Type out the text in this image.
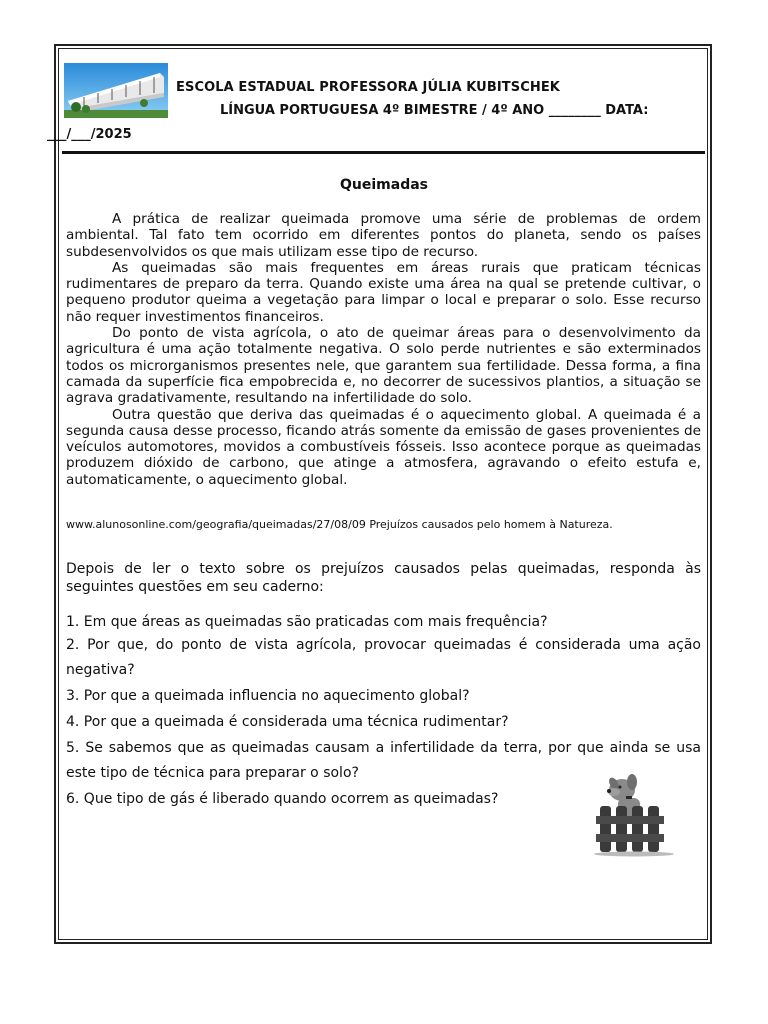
ESCOLA ESTADUAL PROFESSORA JÚLIA KUBITSCHEK
LÍNGUA PORTUGUESA 4º BIMESTRE / 4º ANO ________ DATA:
___/___/2025
Queimadas

A prática de realizar queimada promove uma série de problemas de ordem ambiental. Tal fato tem ocorrido em diferentes pontos do planeta, sendo os países subdesenvolvidos os que mais utilizam esse tipo de recurso.

As queimadas são mais frequentes em áreas rurais que praticam técnicas rudimentares de preparo da terra. Quando existe uma área na qual se pretende cultivar, o pequeno produtor queima a vegetação para limpar o local e preparar o solo. Esse recurso não requer investimentos financeiros.

Do ponto de vista agrícola, o ato de queimar áreas para o desenvolvimento da agricultura é uma ação totalmente negativa. O solo perde nutrientes e são exterminados todos os microrganismos presentes nele, que garantem sua fertilidade. Dessa forma, a fina camada da superfície fica empobrecida e, no decorrer de sucessivos plantios, a situação se agrava gradativamente, resultando na infertilidade do solo.

Outra questão que deriva das queimadas é o aquecimento global. A queimada é a segunda causa desse processo, ficando atrás somente da emissão de gases provenientes de veículos automotores, movidos a combustíveis fósseis. Isso acontece porque as queimadas produzem dióxido de carbono, que atinge a atmosfera, agravando o efeito estufa e, automaticamente, o aquecimento global.

www.alunosonline.com/geografia/queimadas/27/08/09 Prejuízos causados pelo homem à Natureza.
Depois de ler o texto sobre os prejuízos causados pelas queimadas, responda às seguintes questões em seu caderno:
1. Em que áreas as queimadas são praticadas com mais frequência?
2. Por que, do ponto de vista agrícola, provocar queimadas é considerada uma ação negativa?
3. Por que a queimada influencia no aquecimento global?
4. Por que a queimada é considerada uma técnica rudimentar?
5. Se sabemos que as queimadas causam a infertilidade da terra, por que ainda se usa este tipo de técnica para preparar o solo?
6. Que tipo de gás é liberado quando ocorrem as queimadas?
